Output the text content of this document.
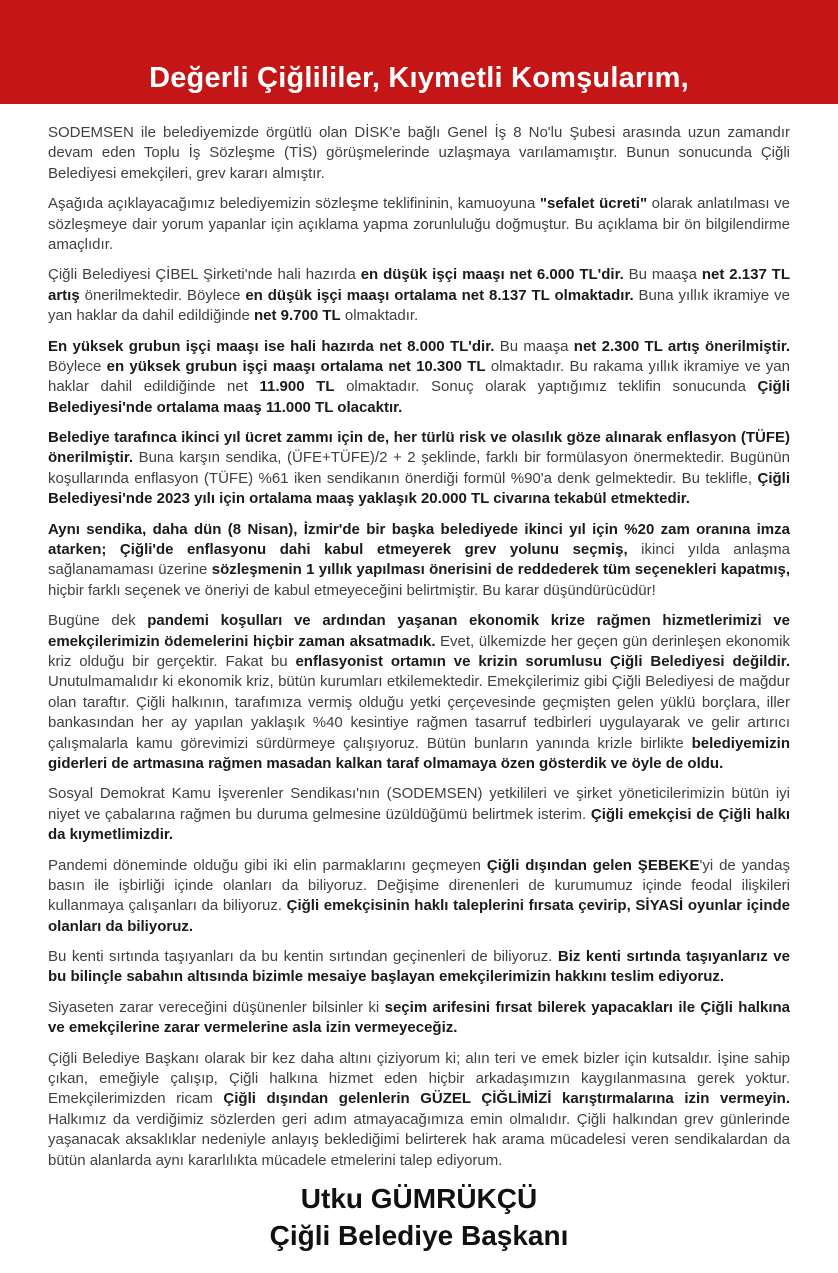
Değerli Çiğlililer, Kıymetli Komşularım,

SODEMSEN ile belediyemizde örgütlü olan DİSK'e bağlı Genel İş 8 No'lu Şubesi arasında uzun zamandır devam eden Toplu İş Sözleşme (TİS) görüşmelerinde uzlaşmaya varılamamıştır. Bunun sonucunda Çiğli Belediyesi emekçileri, grev kararı almıştır.

Aşağıda açıklayacağımız belediyemizin sözleşme teklifininin, kamuoyuna "sefalet ücreti" olarak anlatılması ve sözleşmeye dair yorum yapanlar için açıklama yapma zorunluluğu doğmuştur. Bu açıklama bir ön bilgilendirme amaçlıdır.

Çiğli Belediyesi ÇİBEL Şirketi'nde hali hazırda en düşük işçi maaşı net 6.000 TL'dir. Bu maaşa net 2.137 TL artış önerilmektedir. Böylece en düşük işçi maaşı ortalama net 8.137 TL olmaktadır. Buna yıllık ikramiye ve yan haklar da dahil edildiğinde net 9.700 TL olmaktadır.

En yüksek grubun işçi maaşı ise hali hazırda net 8.000 TL'dir. Bu maaşa net 2.300 TL artış önerilmiştir. Böylece en yüksek grubun işçi maaşı ortalama net 10.300 TL olmaktadır. Bu rakama yıllık ikramiye ve yan haklar dahil edildiğinde net 11.900 TL olmaktadır. Sonuç olarak yaptığımız teklifin sonucunda Çiğli Belediyesi'nde ortalama maaş 11.000 TL olacaktır.

Belediye tarafınca ikinci yıl ücret zammı için de, her türlü risk ve olasılık göze alınarak enflasyon (TÜFE) önerilmiştir. Buna karşın sendika, (ÜFE+TÜFE)/2 + 2 şeklinde, farklı bir formülasyon önermektedir. Bugünün koşullarında enflasyon (TÜFE) %61 iken sendikanın önerdiği formül %90'a denk gelmektedir. Bu teklifle, Çiğli Belediyesi'nde 2023 yılı için ortalama maaş yaklaşık 20.000 TL civarına tekabül etmektedir.

Aynı sendika, daha dün (8 Nisan), İzmir'de bir başka belediyede ikinci yıl için %20 zam oranına imza atarken; Çiğli'de enflasyonu dahi kabul etmeyerek grev yolunu seçmiş, ikinci yılda anlaşma sağlanamaması üzerine sözleşmenin 1 yıllık yapılması önerisini de reddederek tüm seçenekleri kapatmış, hiçbir farklı seçenek ve öneriyi de kabul etmeyeceğini belirtmiştir. Bu karar düşündürücüdür!

Bugüne dek pandemi koşulları ve ardından yaşanan ekonomik krize rağmen hizmetlerimizi ve emekçilerimizin ödemelerini hiçbir zaman aksatmadık. Evet, ülkemizde her geçen gün derinleşen ekonomik kriz olduğu bir gerçektir. Fakat bu enflasyonist ortamın ve krizin sorumlusu Çiğli Belediyesi değildir. Unutulmamalıdır ki ekonomik kriz, bütün kurumları etkilemektedir. Emekçilerimiz gibi Çiğli Belediyesi de mağdur olan taraftır. Çiğli halkının, tarafımıza vermiş olduğu yetki çerçevesinde geçmişten gelen yüklü borçlara, iller bankasından her ay yapılan yaklaşık %40 kesintiye rağmen tasarruf tedbirleri uygulayarak ve gelir artırıcı çalışmalarla kamu görevimizi sürdürmeye çalışıyoruz. Bütün bunların yanında krizle birlikte belediyemizin giderleri de artmasına rağmen masadan kalkan taraf olmamaya özen gösterdik ve öyle de oldu.

Sosyal Demokrat Kamu İşverenler Sendikası'nın (SODEMSEN) yetkilileri ve şirket yöneticilerimizin bütün iyi niyet ve çabalarına rağmen bu duruma gelmesine üzüldüğümü belirtmek isterim. Çiğli emekçisi de Çiğli halkı da kıymetlimizdir.

Pandemi döneminde olduğu gibi iki elin parmaklarını geçmeyen Çiğli dışından gelen ŞEBEKE'yi de yandaş basın ile işbirliği içinde olanları da biliyoruz. Değişime direnenleri de kurumumuz içinde feodal ilişkileri kullanmaya çalışanları da biliyoruz. Çiğli emekçisinin haklı taleplerini fırsata çevirip, SİYASİ oyunlar içinde olanları da biliyoruz.

Bu kenti sırtında taşıyanları da bu kentin sırtından geçinenleri de biliyoruz. Biz kenti sırtında taşıyanlarız ve bu bilinçle sabahın altısında bizimle mesaiye başlayan emekçilerimizin hakkını teslim ediyoruz.

Siyaseten zarar vereceğini düşünenler bilsinler ki seçim arifesini fırsat bilerek yapacakları ile Çiğli halkına ve emekçilerine zarar vermelerine asla izin vermeyeceğiz.

Çiğli Belediye Başkanı olarak bir kez daha altını çiziyorum ki; alın teri ve emek bizler için kutsaldır. İşine sahip çıkan, emeğiyle çalışıp, Çiğli halkına hizmet eden hiçbir arkadaşımızın kaygılanmasına gerek yoktur. Emekçilerimizden ricam Çiğli dışından gelenlerin GÜZEL ÇİĞLİMİZİ karıştırmalarına izin vermeyin. Halkımız da verdiğimiz sözlerden geri adım atmayacağımıza emin olmalıdır. Çiğli halkından grev günlerinde yaşanacak aksaklıklar nedeniyle anlayış beklediğimi belirterek hak arama mücadelesi veren sendikalardan da bütün alanlarda aynı kararlılıkta mücadele etmelerini talep ediyorum.

Utku GÜMRÜKÇÜ
Çiğli Belediye Başkanı
